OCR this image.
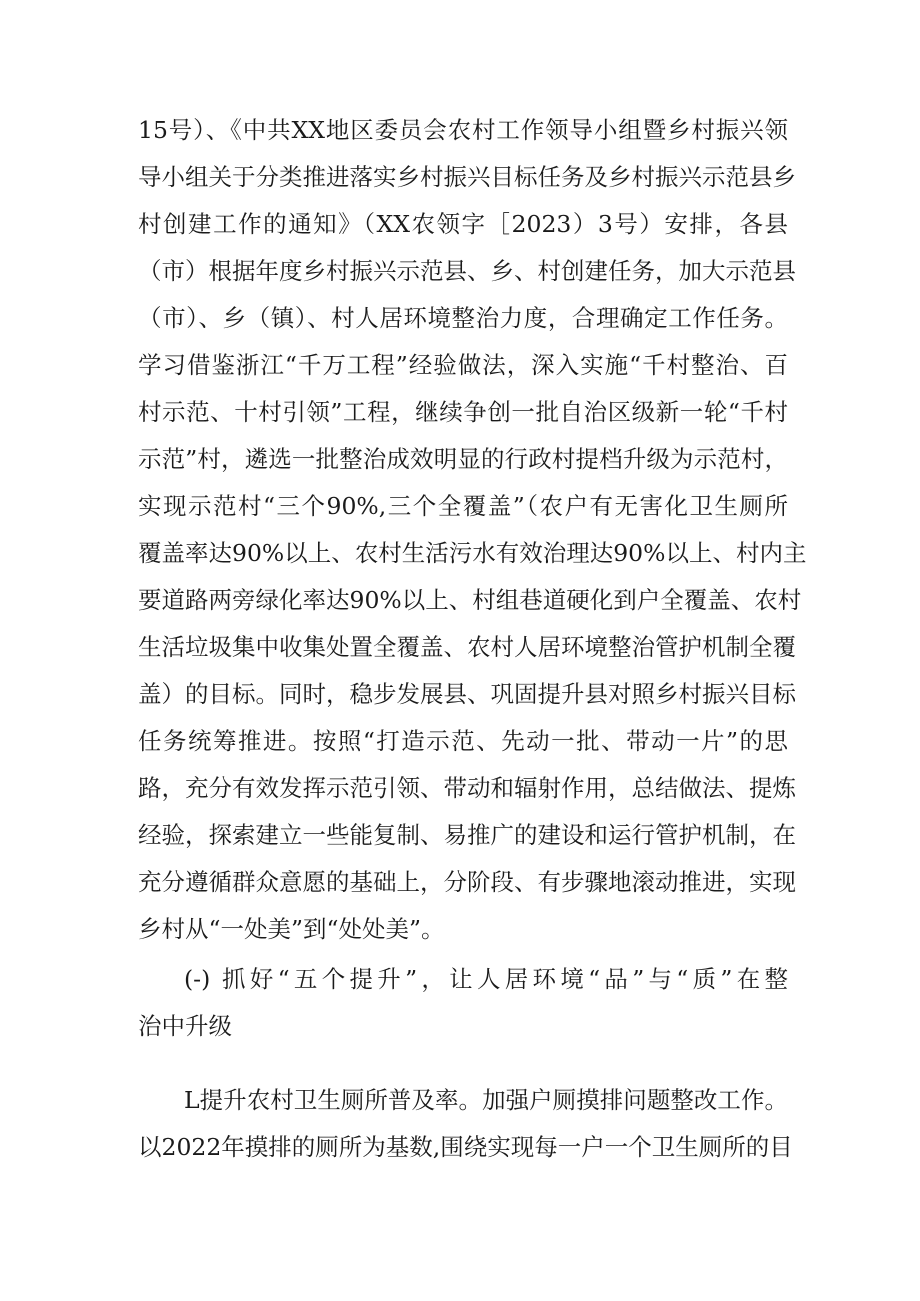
15号）、《中共XX地区委员会农村工作领导小组暨乡村振兴领
导小组关于分类推进落实乡村振兴目标任务及乡村振兴示范县乡
村创建工作的通知》（XX农领字［2023）3号）安排，各县
（市）根据年度乡村振兴示范县、乡、村创建任务，加大示范县
（市）、乡（镇）、村人居环境整治力度，合理确定工作任务。
学习借鉴浙江“千万工程”经验做法，深入实施“千村整治、百
村示范、十村引领”工程，继续争创一批自治区级新一轮“千村
示范”村，遴选一批整治成效明显的行政村提档升级为示范村，
实现示范村“三个90%,三个全覆盖”（农户有无害化卫生厕所
覆盖率达90%以上、农村生活污水有效治理达90%以上、村内主
要道路两旁绿化率达90%以上、村组巷道硬化到户全覆盖、农村
生活垃圾集中收集处置全覆盖、农村人居环境整治管护机制全覆
盖）的目标。同时，稳步发展县、巩固提升县对照乡村振兴目标
任务统筹推进。按照“打造示范、先动一批、带动一片”的思
路，充分有效发挥示范引领、带动和辐射作用，总结做法、提炼
经验，探索建立一些能复制、易推广的建设和运行管护机制，在
充分遵循群众意愿的基础上，分阶段、有步骤地滚动推进，实现
乡村从“一处美”到“处处美”。
(-) 抓好“五个提升”，让人居环境“品”与“质”在整
治中升级
L提升农村卫生厕所普及率。加强户厕摸排问题整改工作。
以2022年摸排的厕所为基数,围绕实现每一户一个卫生厕所的目
